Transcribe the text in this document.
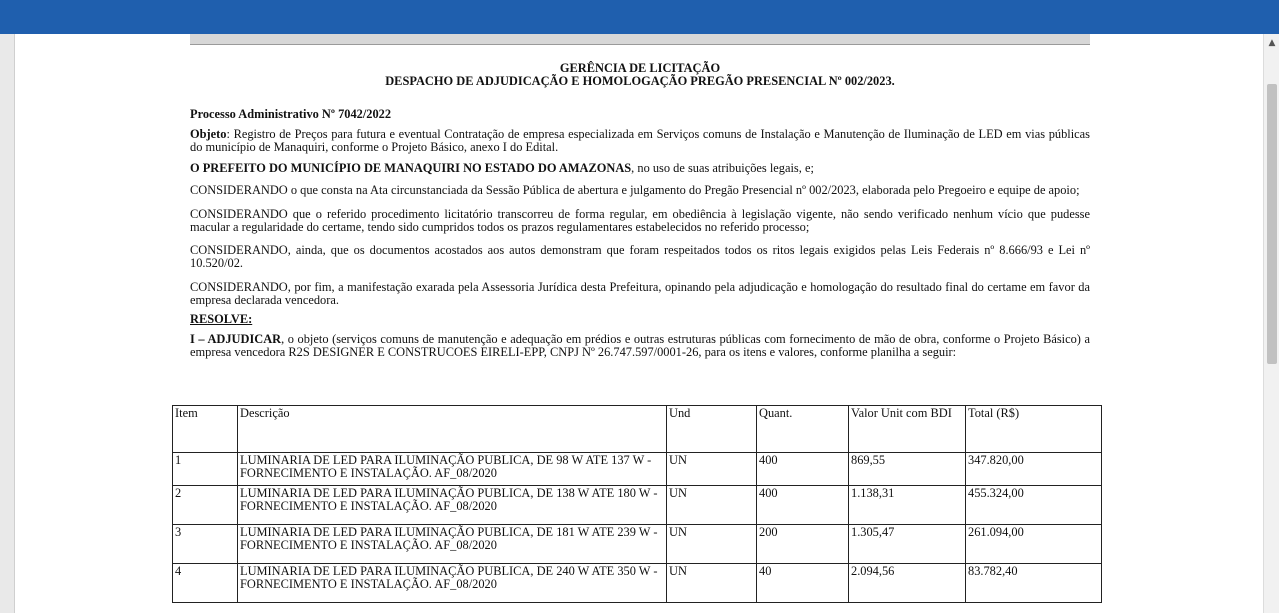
▲
GERÊNCIA DE LICITAÇÃO
DESPACHO DE ADJUDICAÇÃO E HOMOLOGAÇÃO PREGÃO PRESENCIAL Nº 002/2023.

Processo Administrativo Nº 7042/2022

Objeto: Registro de Preços para futura e eventual Contratação de empresa especializada em Serviços comuns de Instalação e Manutenção de Iluminação de LED em vias públicas do município de Manaquiri, conforme o Projeto Básico, anexo I do Edital.

O PREFEITO DO MUNICÍPIO DE MANAQUIRI NO ESTADO DO AMAZONAS, no uso de suas atribuições legais, e;

CONSIDERANDO o que consta na Ata circunstanciada da Sessão Pública de abertura e julgamento do Pregão Presencial nº 002/2023, elaborada pelo Pregoeiro e equipe de apoio;

CONSIDERANDO que o referido procedimento licitatório transcorreu de forma regular, em obediência à legislação vigente, não sendo verificado nenhum vício que pudesse macular a regularidade do certame, tendo sido cumpridos todos os prazos regulamentares estabelecidos no referido processo;

CONSIDERANDO, ainda, que os documentos acostados aos autos demonstram que foram respeitados todos os ritos legais exigidos pelas Leis Federais nº 8.666/93 e Lei nº 10.520/02.

CONSIDERANDO, por fim, a manifestação exarada pela Assessoria Jurídica desta Prefeitura, opinando pela adjudicação e homologação do resultado final do certame em favor da empresa declarada vencedora.

RESOLVE:

I – ADJUDICAR, o objeto (serviços comuns de manutenção e adequação em prédios e outras estruturas públicas com fornecimento de mão de obra, conforme o Projeto Básico) a empresa vencedora R2S DESIGNER E CONSTRUCOES EIRELI-EPP, CNPJ Nº 26.747.597/0001-26, para os itens e valores, conforme planilha a seguir:

Item	Descrição	Und	Quant.	Valor Unit com BDI	Total (R$)
1	LUMINARIA DE LED PARA ILUMINAÇÃO PUBLICA, DE 98 W ATE 137 W - FORNECIMENTO E INSTALAÇÃO. AF_08/2020	UN	400	869,55	347.820,00
2	LUMINARIA DE LED PARA ILUMINAÇÃO PUBLICA, DE 138 W ATE 180 W - FORNECIMENTO E INSTALAÇÃO. AF_08/2020	UN	400	1.138,31	455.324,00
3	LUMINARIA DE LED PARA ILUMINAÇÃO PUBLICA, DE 181 W ATE 239 W - FORNECIMENTO E INSTALAÇÃO. AF_08/2020	UN	200	1.305,47	261.094,00
4	LUMINARIA DE LED PARA ILUMINAÇÃO PUBLICA, DE 240 W ATE 350 W - FORNECIMENTO E INSTALAÇÃO. AF_08/2020	UN	40	2.094,56	83.782,40
